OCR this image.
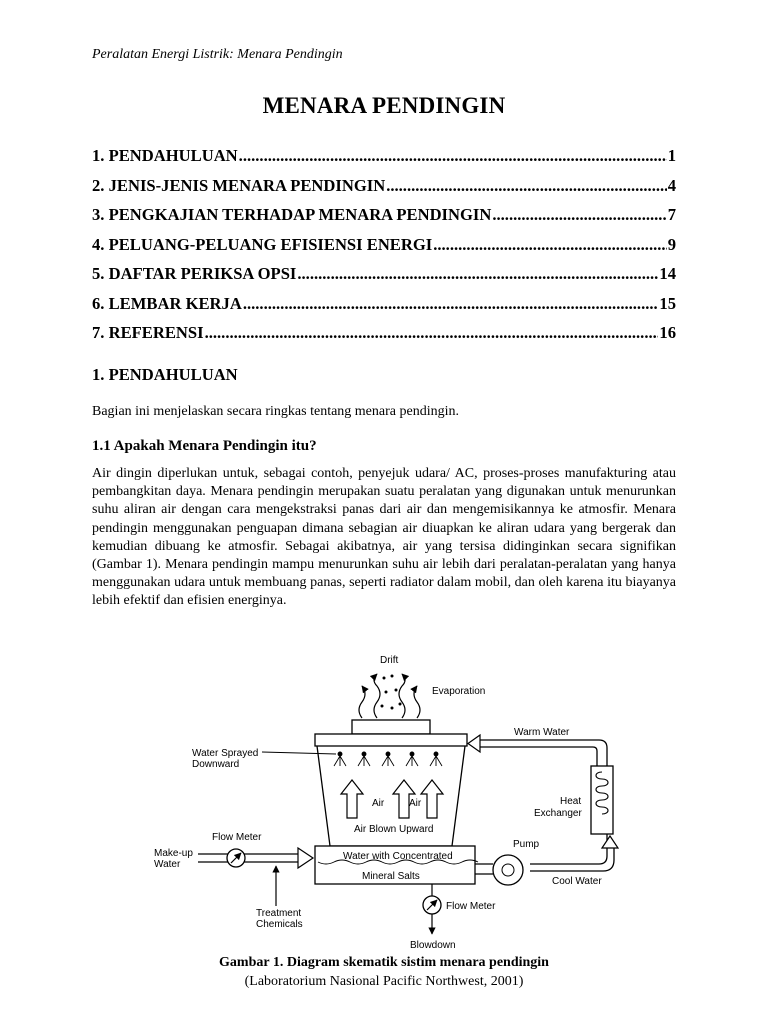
Peralatan Energi Listrik: Menara Pendingin
MENARA PENDINGIN
1. PENDAHULUAN .....	1
2. JENIS-JENIS MENARA PENDINGIN .....	4
3. PENGKAJIAN TERHADAP MENARA PENDINGIN .....	7
4. PELUANG-PELUANG EFISIENSI ENERGI .....	9
5. DAFTAR PERIKSA OPSI .....	14
6. LEMBAR KERJA .....	15
7. REFERENSI .....	16
1. PENDAHULUAN
Bagian ini menjelaskan secara ringkas tentang menara pendingin.
1.1 Apakah Menara Pendingin itu?
Air dingin diperlukan untuk, sebagai contoh, penyejuk udara/ AC, proses-proses manufakturing atau pembangkitan daya. Menara pendingin merupakan suatu peralatan yang digunakan untuk menurunkan suhu aliran air dengan cara mengekstraksi panas dari air dan mengemisikannya ke atmosfir. Menara pendingin menggunakan penguapan dimana sebagian air diuapkan ke aliran udara yang bergerak dan kemudian dibuang ke atmosfir. Sebagai akibatnya, air yang tersisa didinginkan secara signifikan (Gambar 1). Menara pendingin mampu menurunkan suhu air lebih dari peralatan-peralatan yang hanya menggunakan udara untuk membuang panas, seperti radiator dalam mobil, dan oleh karena itu biayanya lebih efektif dan efisien energinya.
Air Air
Air Blown Upward
Water with Concentrated
Mineral Salts
Warm Water
Heat
Exchanger
Cool Water
Pump
Flow Meter
Make-up
Water
Treatment
Chemicals
Flow Meter
Blowdown
Drift
Evaporation
Water Sprayed
Downward
Gambar 1. Diagram skematik sistim menara pendingin
(Laboratorium Nasional Pacific Northwest, 2001)
